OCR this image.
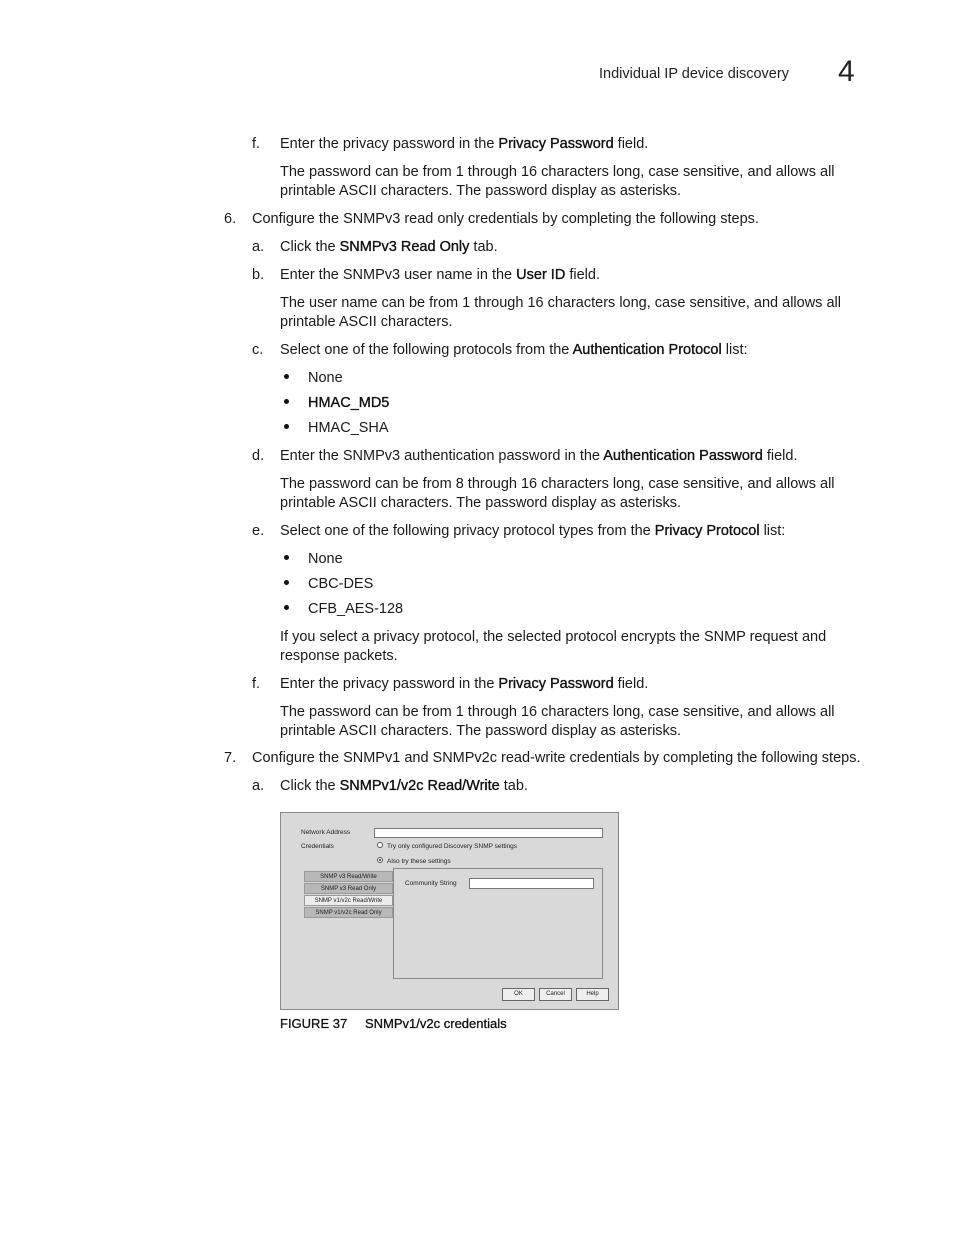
Individual IP device discovery 4
f. Enter the privacy password in the Privacy Password field.
The password can be from 1 through 16 characters long, case sensitive, and allows all
printable ASCII characters. The password display as asterisks.
6. Configure the SNMPv3 read only credentials by completing the following steps.
a. Click the SNMPv3 Read Only tab.
b. Enter the SNMPv3 user name in the User ID field.
The user name can be from 1 through 16 characters long, case sensitive, and allows all
printable ASCII characters.
c. Select one of the following protocols from the Authentication Protocol list:
None
HMAC_MD5
HMAC_SHA
d. Enter the SNMPv3 authentication password in the Authentication Password field.
The password can be from 8 through 16 characters long, case sensitive, and allows all
printable ASCII characters. The password display as asterisks.
e. Select one of the following privacy protocol types from the Privacy Protocol list:
None
CBC-DES
CFB_AES-128
If you select a privacy protocol, the selected protocol encrypts the SNMP request and
response packets.
f. Enter the privacy password in the Privacy Password field.
The password can be from 1 through 16 characters long, case sensitive, and allows all
printable ASCII characters. The password display as asterisks.
7. Configure the SNMPv1 and SNMPv2c read-write credentials by completing the following steps.
a. Click the SNMPv1/v2c Read/Write tab.
Network Address
Credentials	Try only configured Discovery SNMP settings
Also try these settings
Community String
SNMP v3 Read/Write
SNMP v3 Read Only
SNMP v1/v2c Read/Write
SNMP v1/v2c Read Only
OK	Cancel	Help
FIGURE 37 SNMPv1/v2c credentials
